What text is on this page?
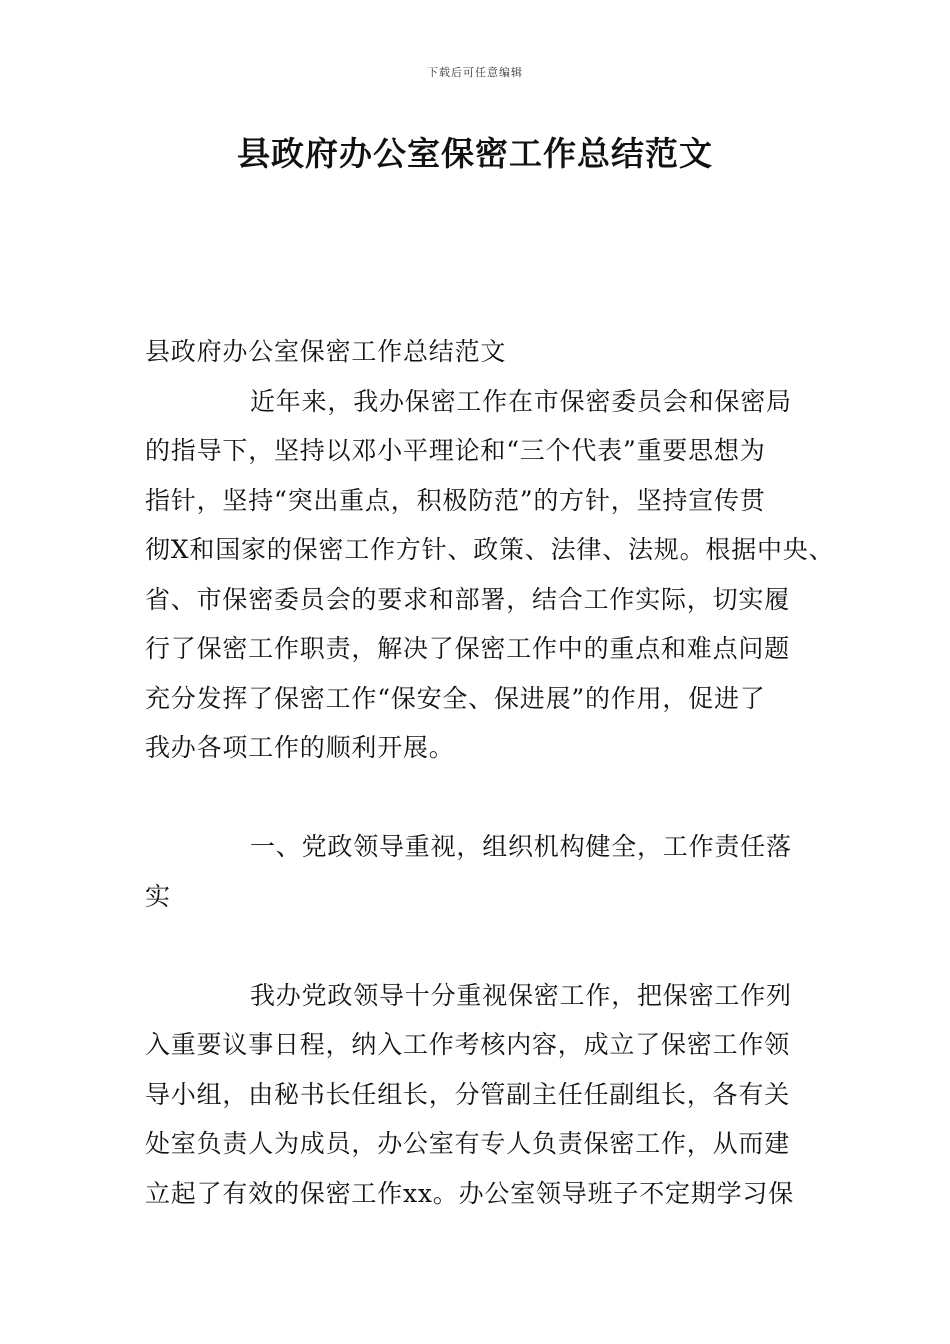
下载后可任意编辑
县政府办公室保密工作总结范文
县政府办公室保密工作总结范文
近年来，我办保密工作在市保密委员会和保密局
的指导下，坚持以邓小平理论和“三个代表”重要思想为
指针，坚持“突出重点，积极防范”的方针，坚持宣传贯
彻X和国家的保密工作方针、政策、法律、法规。根据中央、
省、市保密委员会的要求和部署，结合工作实际，切实履
行了保密工作职责，解决了保密工作中的重点和难点问题
充分发挥了保密工作“保安全、保进展”的作用，促进了
我办各项工作的顺利开展。
一、党政领导重视，组织机构健全，工作责任落
实
我办党政领导十分重视保密工作，把保密工作列
入重要议事日程，纳入工作考核内容，成立了保密工作领
导小组，由秘书长任组长，分管副主任任副组长，各有关
处室负责人为成员，办公室有专人负责保密工作，从而建
立起了有效的保密工作xx。办公室领导班子不定期学习保
